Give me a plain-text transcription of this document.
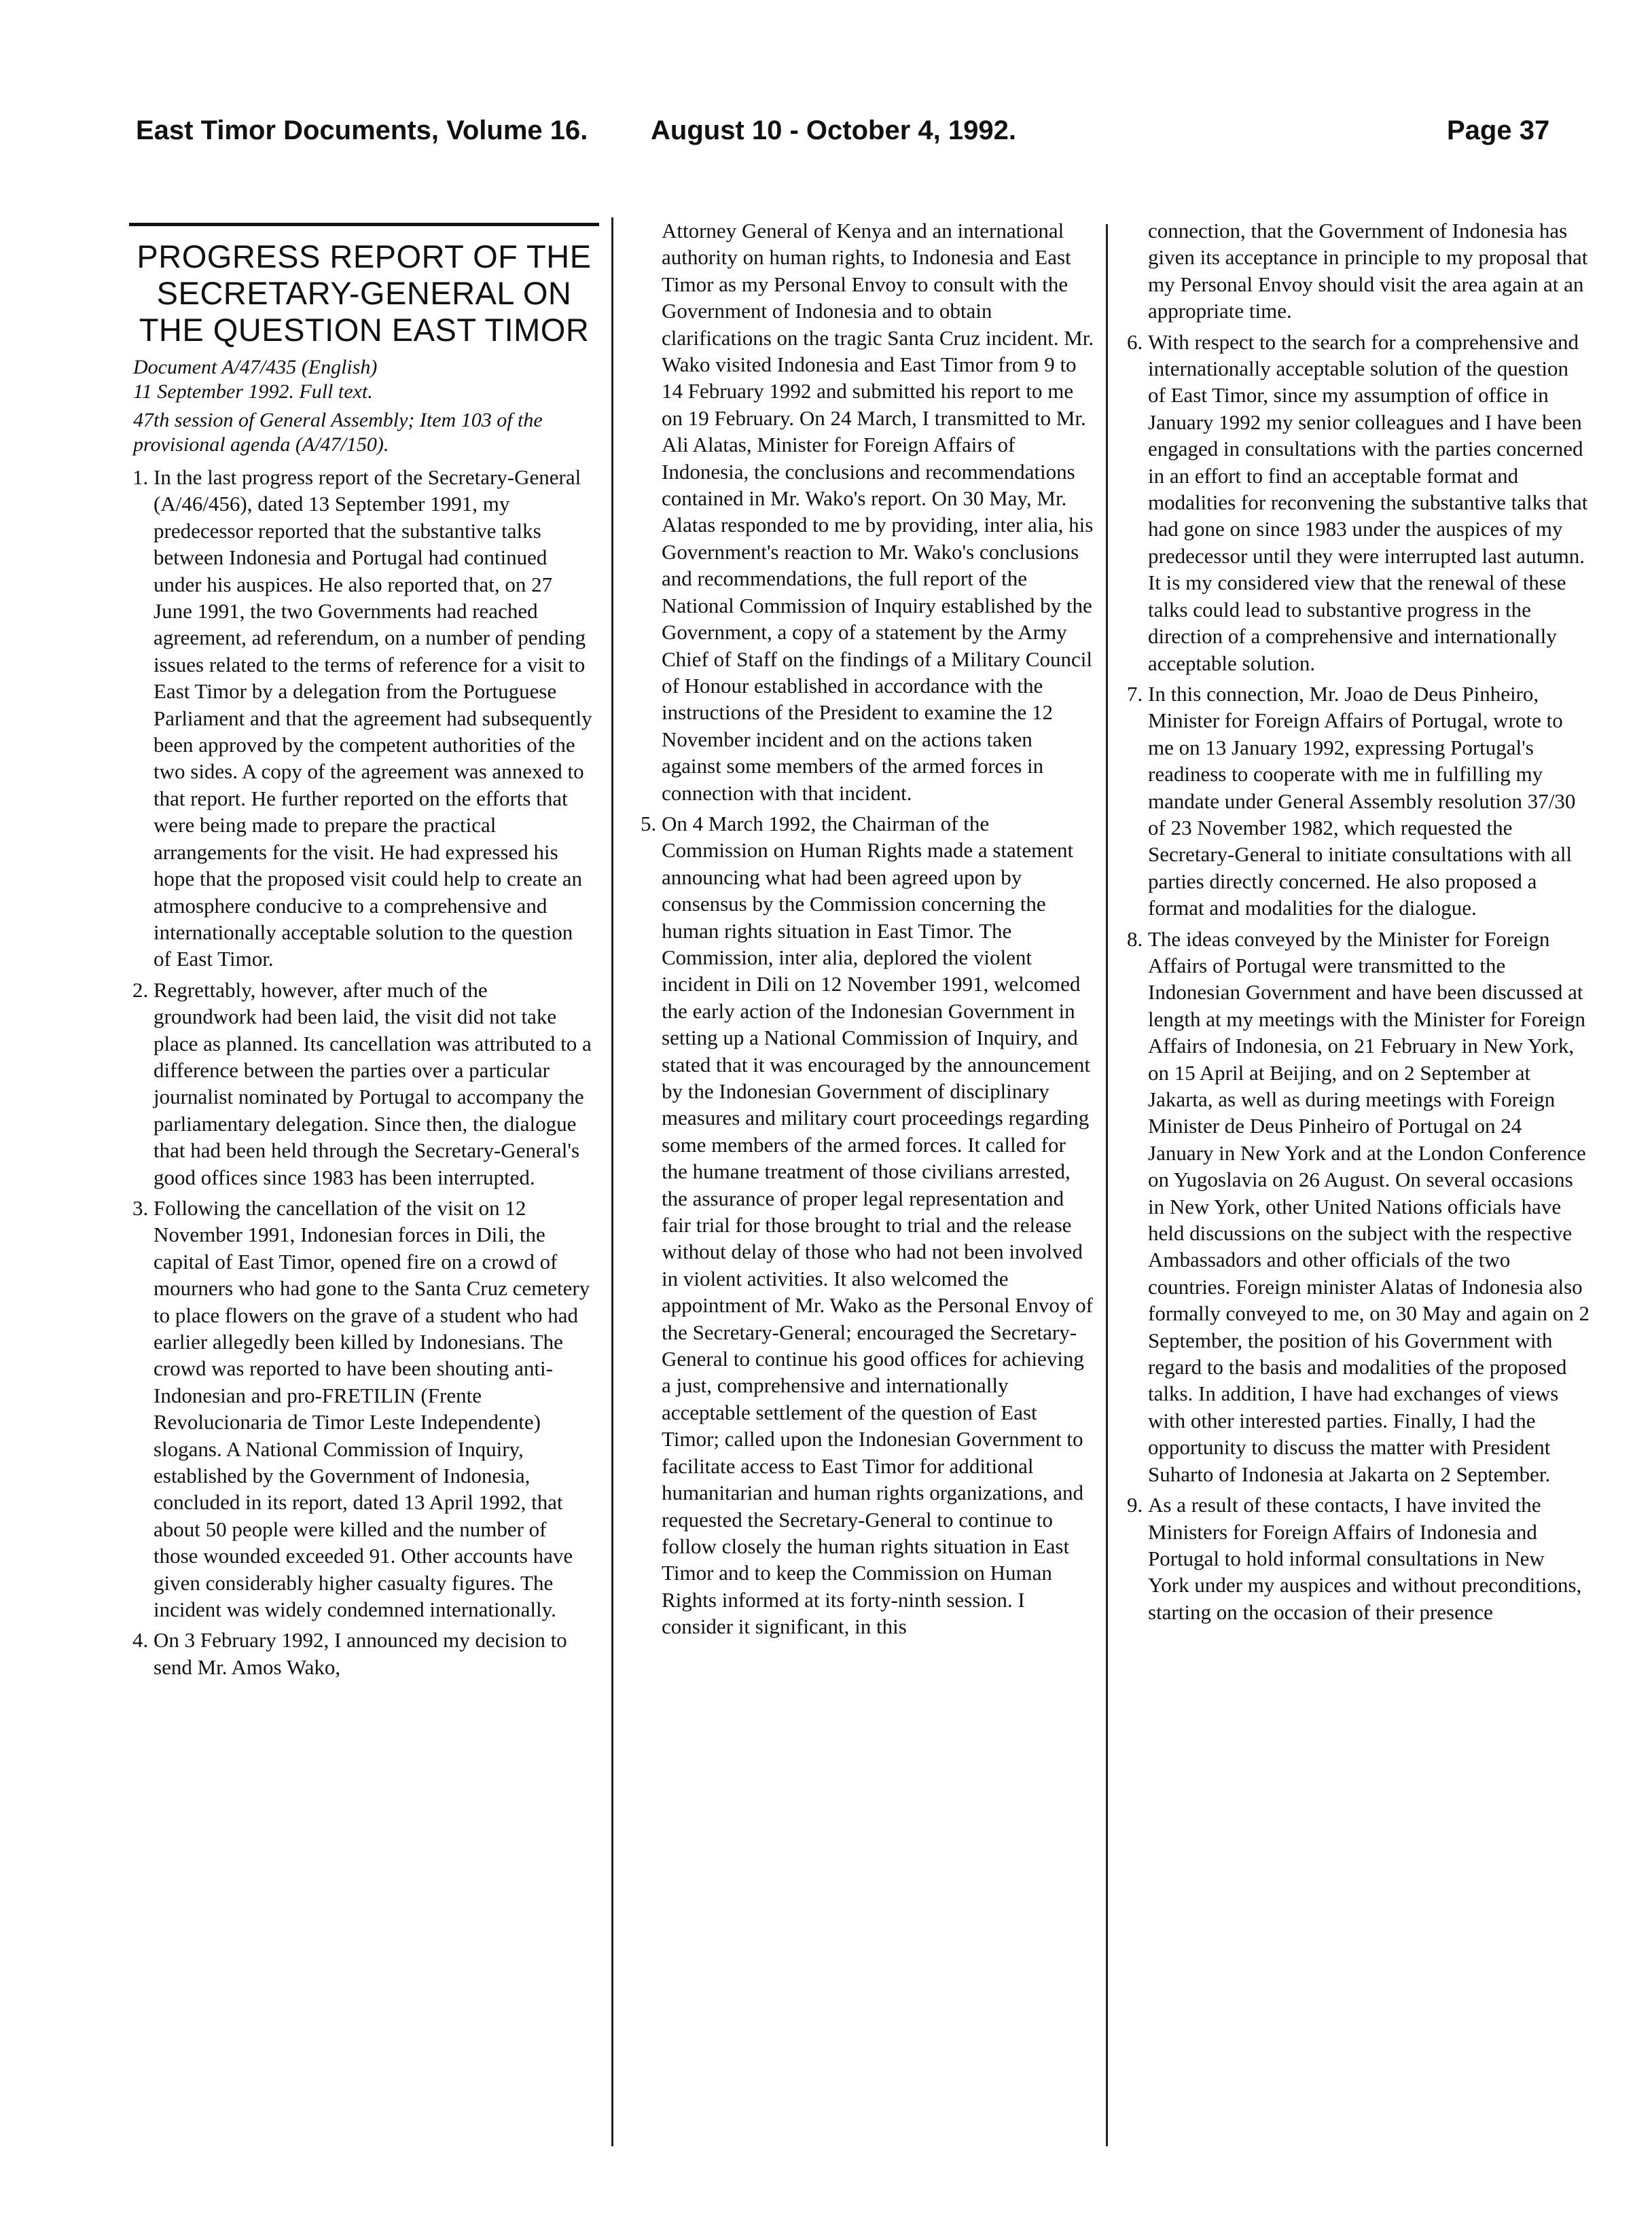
East Timor Documents, Volume 16. August 10 - October 4, 1992.	Page 37
PROGRESS REPORT OF THE SECRETARY-GENERAL ON THE QUESTION EAST TIMOR
Document A/47/435 (English)
11 September 1992. Full text.
47th session of General Assembly; Item 103 of the provisional agenda (A/47/150).
1. In the last progress report of the Secretary-General (A/46/456), dated 13 September 1991, my predecessor reported that the substantive talks between Indonesia and Portugal had continued under his auspices. He also reported that, on 27 June 1991, the two Governments had reached agreement, ad referendum, on a number of pending issues related to the terms of reference for a visit to East Timor by a delegation from the Portuguese Parliament and that the agreement had subsequently been approved by the competent authorities of the two sides. A copy of the agreement was annexed to that report. He further reported on the efforts that were being made to prepare the practical arrangements for the visit. He had expressed his hope that the proposed visit could help to create an atmosphere conducive to a comprehensive and internationally acceptable solution to the question of East Timor.
2. Regrettably, however, after much of the groundwork had been laid, the visit did not take place as planned. Its cancellation was attributed to a difference between the parties over a particular journalist nominated by Portugal to accompany the parliamentary delegation. Since then, the dialogue that had been held through the Secretary-General's good offices since 1983 has been interrupted.
3. Following the cancellation of the visit on 12 November 1991, Indonesian forces in Dili, the capital of East Timor, opened fire on a crowd of mourners who had gone to the Santa Cruz cemetery to place flowers on the grave of a student who had earlier allegedly been killed by Indonesians. The crowd was reported to have been shouting anti-Indonesian and pro-FRETILIN (Frente Revolucionaria de Timor Leste Independente) slogans. A National Commission of Inquiry, established by the Government of Indonesia, concluded in its report, dated 13 April 1992, that about 50 people were killed and the number of those wounded exceeded 91. Other accounts have given considerably higher casualty figures. The incident was widely condemned internationally.
4. On 3 February 1992, I announced my decision to send Mr. Amos Wako,

Attorney General of Kenya and an international authority on human rights, to Indonesia and East Timor as my Personal Envoy to consult with the Government of Indonesia and to obtain clarifications on the tragic Santa Cruz incident. Mr. Wako visited Indonesia and East Timor from 9 to 14 February 1992 and submitted his report to me on 19 February. On 24 March, I transmitted to Mr. Ali Alatas, Minister for Foreign Affairs of Indonesia, the conclusions and recommendations contained in Mr. Wako's report. On 30 May, Mr. Alatas responded to me by providing, inter alia, his Government's reaction to Mr. Wako's conclusions and recommendations, the full report of the National Commission of Inquiry established by the Government, a copy of a statement by the Army Chief of Staff on the findings of a Military Council of Honour established in accordance with the instructions of the President to examine the 12 November incident and on the actions taken against some members of the armed forces in connection with that incident.

5. On 4 March 1992, the Chairman of the Commission on Human Rights made a statement announcing what had been agreed upon by consensus by the Commission concerning the human rights situation in East Timor. The Commission, inter alia, deplored the violent incident in Dili on 12 November 1991, welcomed the early action of the Indonesian Government in setting up a National Commission of Inquiry, and stated that it was encouraged by the announcement by the Indonesian Government of disciplinary measures and military court proceedings regarding some members of the armed forces. It called for the humane treatment of those civilians arrested, the assurance of proper legal representation and fair trial for those brought to trial and the release without delay of those who had not been involved in violent activities. It also welcomed the appointment of Mr. Wako as the Personal Envoy of the Secretary-General; encouraged the Secretary-General to continue his good offices for achieving a just, comprehensive and internationally acceptable settlement of the question of East Timor; called upon the Indonesian Government to facilitate access to East Timor for additional humanitarian and human rights organizations, and requested the Secretary-General to continue to follow closely the human rights situation in East Timor and to keep the Commission on Human Rights informed at its forty-ninth session. I consider it significant, in this

connection, that the Government of Indonesia has given its acceptance in principle to my proposal that my Personal Envoy should visit the area again at an appropriate time.

6. With respect to the search for a comprehensive and internationally acceptable solution of the question of East Timor, since my assumption of office in January 1992 my senior colleagues and I have been engaged in consultations with the parties concerned in an effort to find an acceptable format and modalities for reconvening the substantive talks that had gone on since 1983 under the auspices of my predecessor until they were interrupted last autumn. It is my considered view that the renewal of these talks could lead to substantive progress in the direction of a comprehensive and internationally acceptable solution.
7. In this connection, Mr. Joao de Deus Pinheiro, Minister for Foreign Affairs of Portugal, wrote to me on 13 January 1992, expressing Portugal's readiness to cooperate with me in fulfilling my mandate under General Assembly resolution 37/30 of 23 November 1982, which requested the Secretary-General to initiate consultations with all parties directly concerned. He also proposed a format and modalities for the dialogue.
8. The ideas conveyed by the Minister for Foreign Affairs of Portugal were transmitted to the Indonesian Government and have been discussed at length at my meetings with the Minister for Foreign Affairs of Indonesia, on 21 February in New York, on 15 April at Beijing, and on 2 September at Jakarta, as well as during meetings with Foreign Minister de Deus Pinheiro of Portugal on 24 January in New York and at the London Conference on Yugoslavia on 26 August. On several occasions in New York, other United Nations officials have held discussions on the subject with the respective Ambassadors and other officials of the two countries. Foreign minister Alatas of Indonesia also formally conveyed to me, on 30 May and again on 2 September, the position of his Government with regard to the basis and modalities of the proposed talks. In addition, I have had exchanges of views with other interested parties. Finally, I had the opportunity to discuss the matter with President Suharto of Indonesia at Jakarta on 2 September.
9. As a result of these contacts, I have invited the Ministers for Foreign Affairs of Indonesia and Portugal to hold informal consultations in New York under my auspices and without preconditions, starting on the occasion of their presence
